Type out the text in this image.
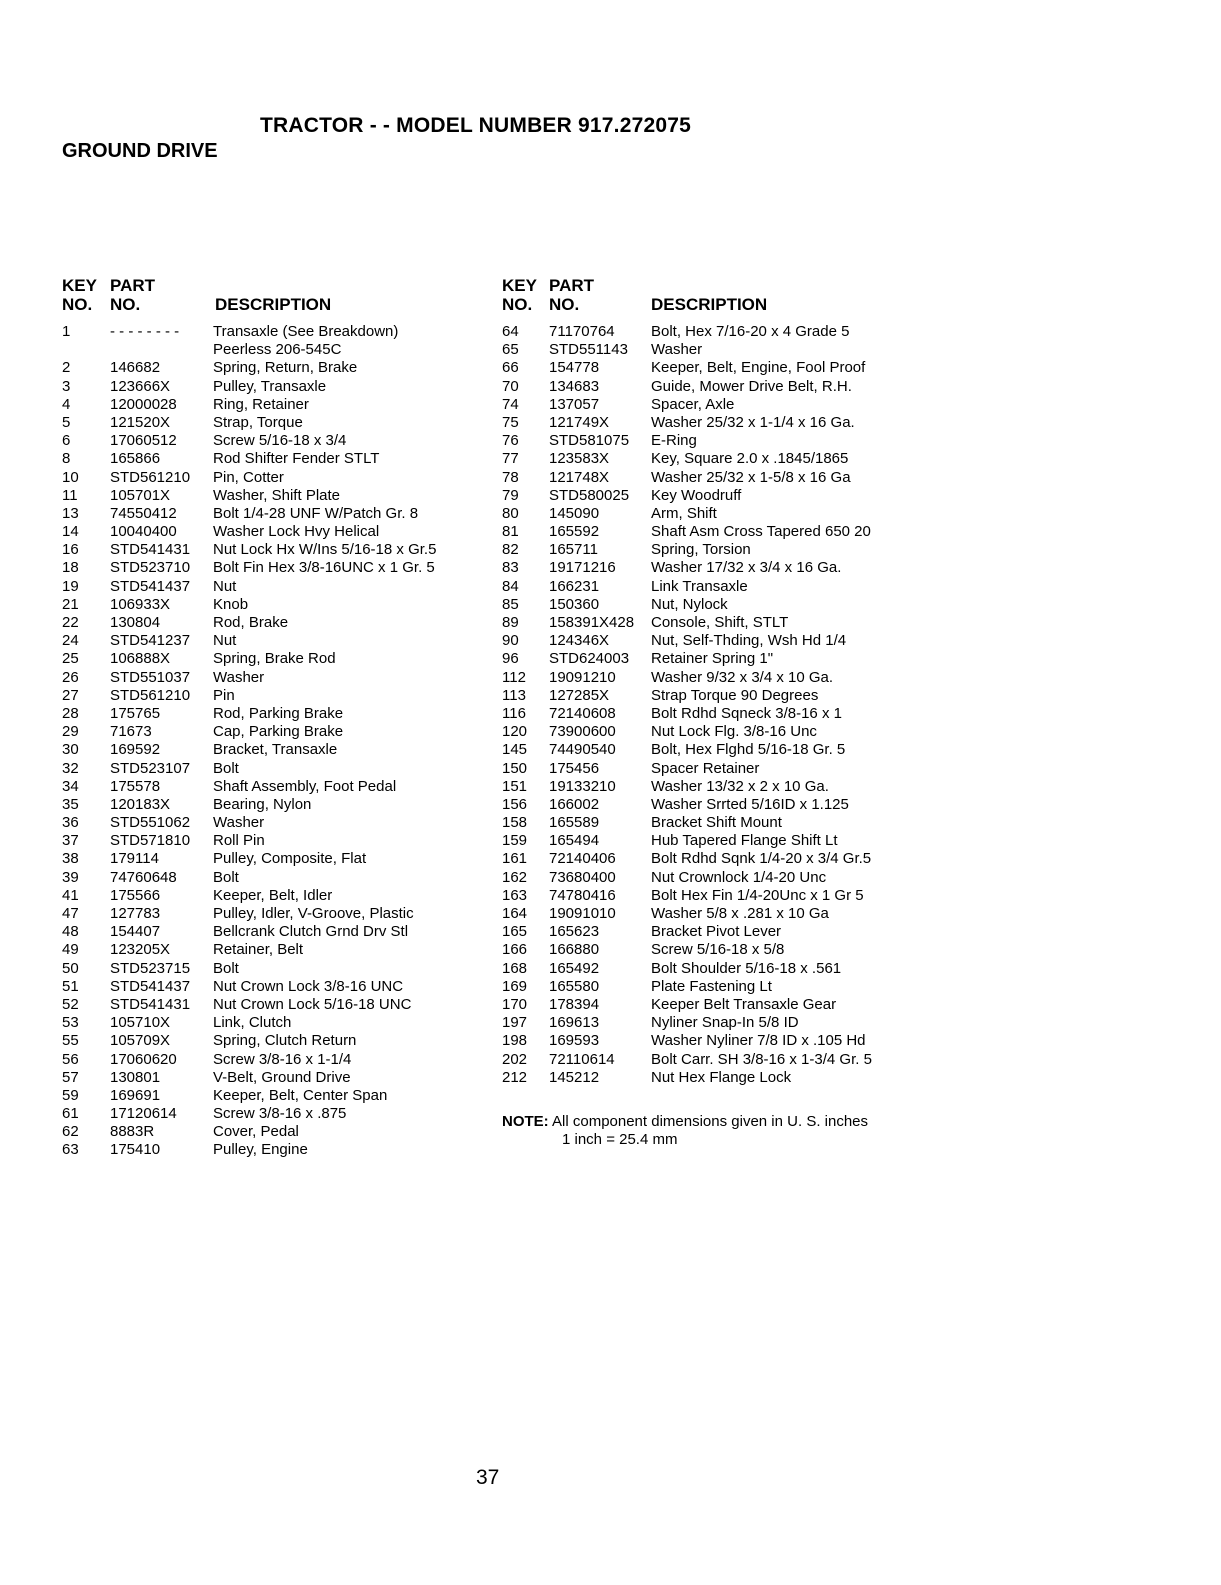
TRACTOR - - MODEL NUMBER 917.272075
GROUND DRIVE
KEY
NO.
PART
NO.	DESCRIPTION
1	- - - - - - - - Transaxle (See Breakdown)
Peerless 206-545C
2	146682	Spring, Return, Brake
3	123666X	Pulley, Transaxle
4	12000028 Ring, Retainer
5	121520X	Strap, Torque
6	17060512 Screw 5/16-18 x 3/4
8	165866	Rod Shifter Fender STLT
10 STD561210 Pin, Cotter
11 105701X	Washer, Shift Plate
13 74550412 Bolt 1/4-28 UNF W/Patch Gr. 8
14 10040400 Washer Lock Hvy Helical
16 STD541431 Nut Lock Hx W/Ins 5/16-18 x Gr.5
18 STD523710 Bolt Fin Hex 3/8-16UNC x 1 Gr. 5
19 STD541437 Nut
21 106933X	Knob
22 130804	Rod, Brake
24 STD541237 Nut
25 106888X	Spring, Brake Rod
26 STD551037 Washer
27 STD561210 Pin
28 175765	Rod, Parking Brake
29 71673	Cap, Parking Brake
30 169592	Bracket, Transaxle
32 STD523107 Bolt
34 175578	Shaft Assembly, Foot Pedal
35 120183X	Bearing, Nylon
36 STD551062 Washer
37 STD571810 Roll Pin
38 179114	Pulley, Composite, Flat
39 74760648 Bolt
41 175566	Keeper, Belt, Idler
47 127783	Pulley, Idler, V-Groove, Plastic
48 154407	Bellcrank Clutch Grnd Drv Stl
49 123205X	Retainer, Belt
50 STD523715 Bolt
51 STD541437 Nut Crown Lock 3/8-16 UNC
52 STD541431 Nut Crown Lock 5/16-18 UNC
53 105710X	Link, Clutch
55 105709X	Spring, Clutch Return
56 17060620 Screw 3/8-16 x 1-1/4
57 130801	V-Belt, Ground Drive
59 169691	Keeper, Belt, Center Span
61 17120614 Screw 3/8-16 x .875
62 8883R	Cover, Pedal
63 175410	Pulley, Engine
KEY
NO.
PART
NO.	DESCRIPTION
64 71170764 Bolt, Hex 7/16-20 x 4 Grade 5
65 STD551143 Washer
66 154778	Keeper, Belt, Engine, Fool Proof
70 134683	Guide, Mower Drive Belt, R.H.
74 137057	Spacer, Axle
75 121749X	Washer 25/32 x 1-1/4 x 16 Ga.
76 STD581075 E-Ring
77 123583X	Key, Square 2.0 x .1845/1865
78 121748X	Washer 25/32 x 1-5/8 x 16 Ga
79 STD580025 Key Woodruff
80 145090	Arm, Shift
81 165592	Shaft Asm Cross Tapered 650 20
82 165711	Spring, Torsion
83 19171216 Washer 17/32 x 3/4 x 16 Ga.
84 166231	Link Transaxle
85 150360	Nut, Nylock
89 158391X428 Console, Shift, STLT
90 124346X	Nut, Self-Thding, Wsh Hd 1/4
96 STD624003 Retainer Spring 1"
112 19091210 Washer 9/32 x 3/4 x 10 Ga.
113 127285X	Strap Torque 90 Degrees
116 72140608 Bolt Rdhd Sqneck 3/8-16 x 1
120 73900600 Nut Lock Flg. 3/8-16 Unc
145 74490540 Bolt, Hex Flghd 5/16-18 Gr. 5
150 175456	Spacer Retainer
151 19133210 Washer 13/32 x 2 x 10 Ga.
156 166002	Washer Srrted 5/16ID x 1.125
158 165589	Bracket Shift Mount
159 165494	Hub Tapered Flange Shift Lt
161 72140406 Bolt Rdhd Sqnk 1/4-20 x 3/4 Gr.5
162 73680400 Nut Crownlock 1/4-20 Unc
163 74780416 Bolt Hex Fin 1/4-20Unc x 1 Gr 5
164 19091010 Washer 5/8 x .281 x 10 Ga
165 165623	Bracket Pivot Lever
166 166880	Screw 5/16-18 x 5/8
168 165492	Bolt Shoulder 5/16-18 x .561
169 165580	Plate Fastening Lt
170 178394	Keeper Belt Transaxle Gear
197 169613	Nyliner Snap-In 5/8 ID
198 169593	Washer Nyliner 7/8 ID x .105 Hd
202 72110614 Bolt Carr. SH 3/8-16 x 1-3/4 Gr. 5
212 145212	Nut Hex Flange Lock
NOTE: All component dimensions given in U. S. inches
1 inch = 25.4 mm
37
